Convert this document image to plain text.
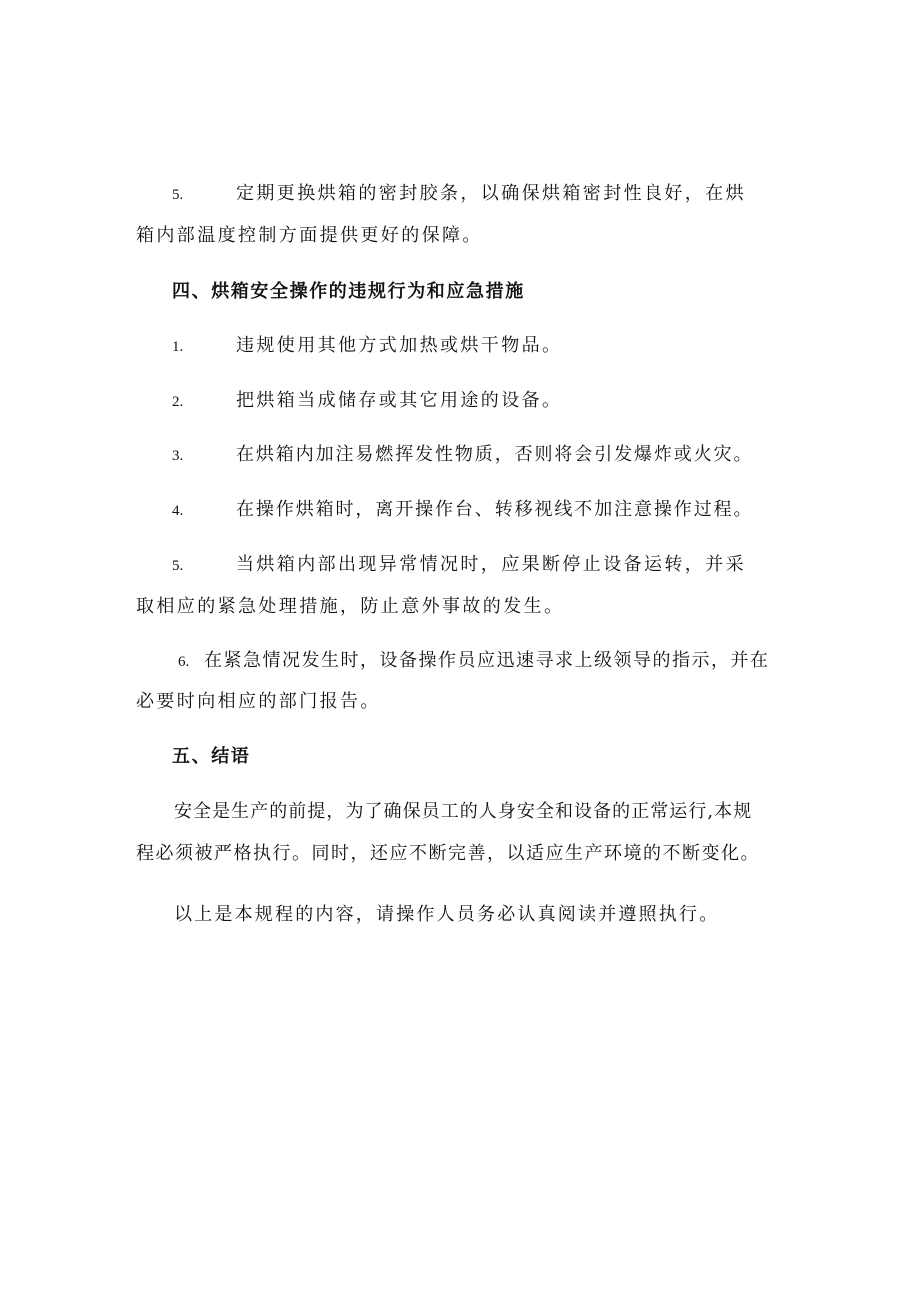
5.	定期更换烘箱的密封胶条，以确保烘箱密封性良好，在烘
箱内部温度控制方面提供更好的保障。
四、烘箱安全操作的违规行为和应急措施
1.	违规使用其他方式加热或烘干物品。
2.	把烘箱当成储存或其它用途的设备。
3.	在烘箱内加注易燃挥发性物质，否则将会引发爆炸或火灾。
4.	在操作烘箱时，离开操作台、转移视线不加注意操作过程。
5.	当烘箱内部出现异常情况时，应果断停止设备运转，并采
取相应的紧急处理措施，防止意外事故的发生。
6. 在紧急情况发生时，设备操作员应迅速寻求上级领导的指示，并在
必要时向相应的部门报告。
五、结语
安全是生产的前提，为了确保员工的人身安全和设备的正常运行,本规
程必须被严格执行。同时，还应不断完善，以适应生产环境的不断变化。
以上是本规程的内容，请操作人员务必认真阅读并遵照执行。
